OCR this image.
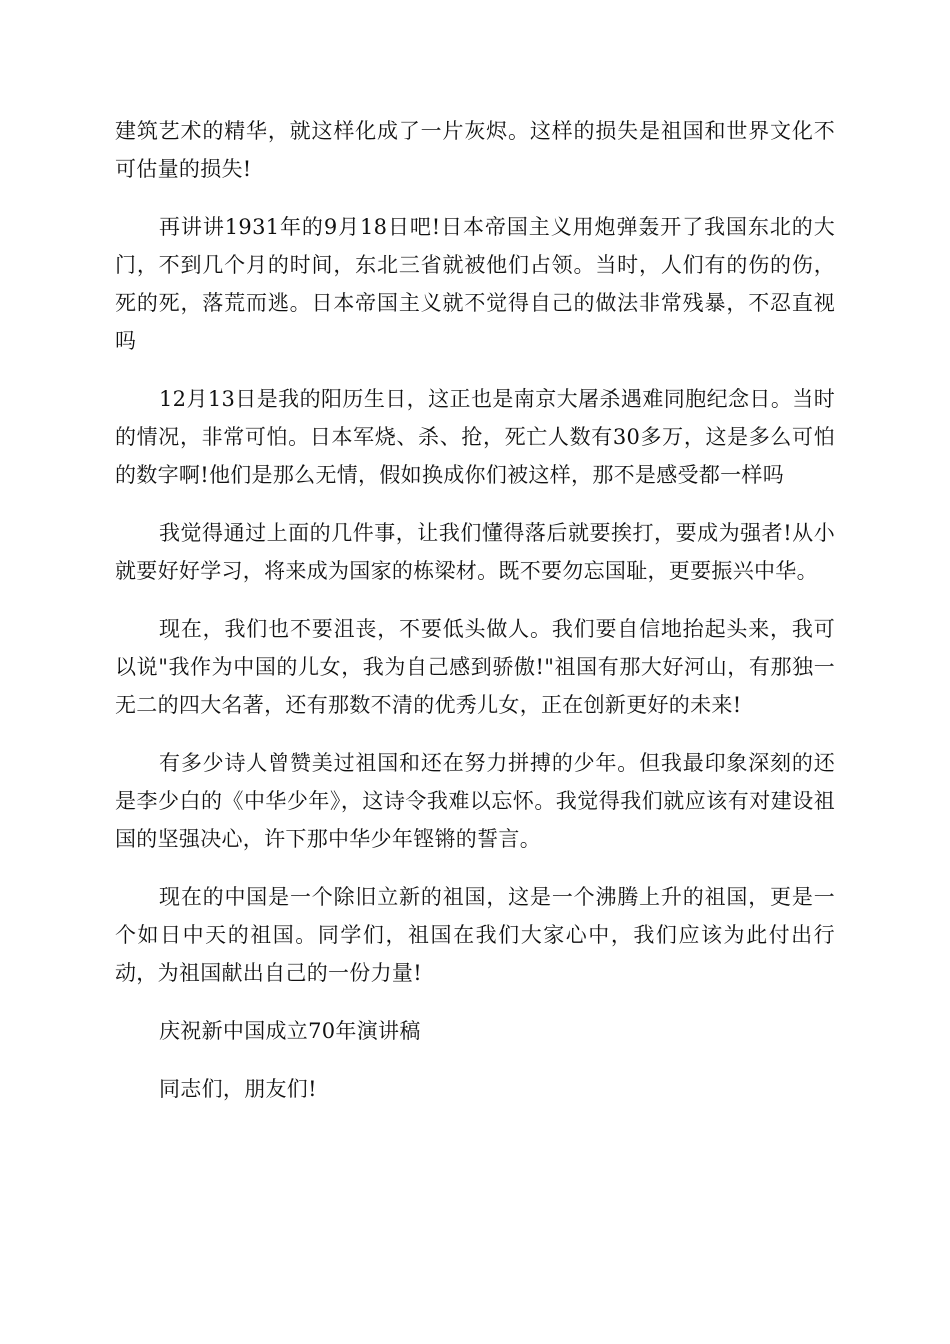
建筑艺术的精华，就这样化成了一片灰烬。这样的损失是祖国和世界文化不可估量的损失!

再讲讲1931年的9月18日吧!日本帝国主义用炮弹轰开了我国东北的大门，不到几个月的时间，东北三省就被他们占领。当时，人们有的伤的伤，死的死，落荒而逃。日本帝国主义就不觉得自己的做法非常残暴，不忍直视吗

12月13日是我的阳历生日，这正也是南京大屠杀遇难同胞纪念日。当时的情况，非常可怕。日本军烧、杀、抢，死亡人数有30多万，这是多么可怕的数字啊!他们是那么无情，假如换成你们被这样，那不是感受都一样吗

我觉得通过上面的几件事，让我们懂得落后就要挨打，要成为强者!从小就要好好学习，将来成为国家的栋梁材。既不要勿忘国耻，更要振兴中华。

现在，我们也不要沮丧，不要低头做人。我们要自信地抬起头来，我可以说"我作为中国的儿女，我为自己感到骄傲!"祖国有那大好河山，有那独一无二的四大名著，还有那数不清的优秀儿女，正在创新更好的未来!

有多少诗人曾赞美过祖国和还在努力拼搏的少年。但我最印象深刻的还是李少白的《中华少年》，这诗令我难以忘怀。我觉得我们就应该有对建设祖国的坚强决心，许下那中华少年铿锵的誓言。

现在的中国是一个除旧立新的祖国，这是一个沸腾上升的祖国，更是一个如日中天的祖国。同学们，祖国在我们大家心中，我们应该为此付出行动，为祖国献出自己的一份力量!

庆祝新中国成立70年演讲稿

同志们，朋友们!
